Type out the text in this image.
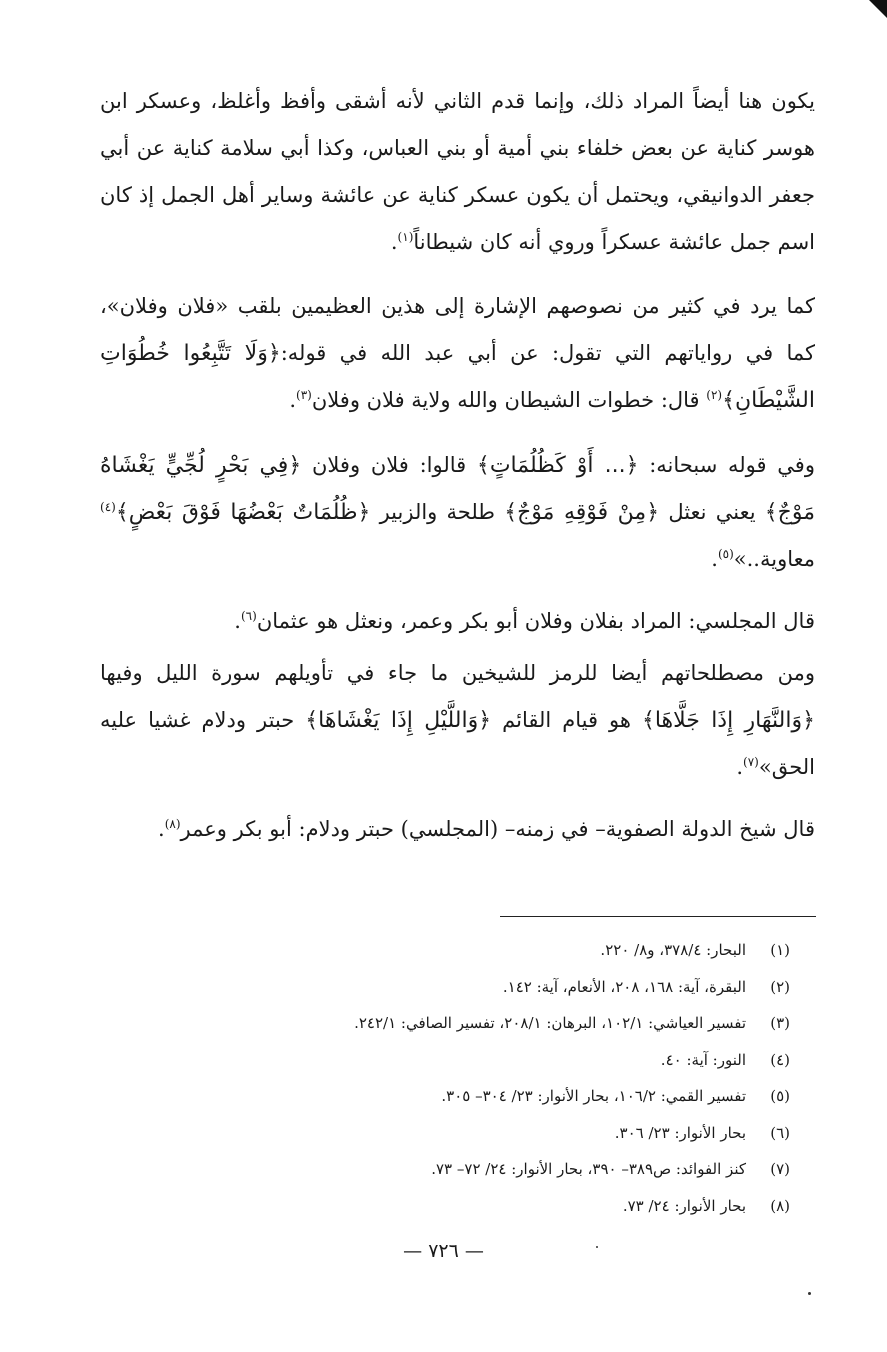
يكون هنا أيضاً المراد ذلك، وإنما قدم الثاني لأنه أشقى وأفظ وأغلظ، وعسكر ابن هوسر كناية عن بعض خلفاء بني أمية أو بني العباس، وكذا أبي سلامة كناية عن أبي جعفر الدوانيقي، ويحتمل أن يكون عسكر كناية عن عائشة وساير أهل الجمل إذ كان اسم جمل عائشة عسكراً وروي أنه كان شيطاناً$^{(١)}$.
كما يرد في كثير من نصوصهم الإشارة إلى هذين العظيمين بلقب «فلان وفلان»، كما في رواياتهم التي تقول: عن أبي عبد الله في قوله:﴿وَلَا تَتَّبِعُوا خُطُوَاتِ الشَّيْطَانِ﴾$^{(٢)}$ قال: خطوات الشيطان والله ولاية فلان وفلان$^{(٣)}$.
وفي قوله سبحانه: ﴿... أَوْ كَظُلُمَاتٍ﴾ قالوا: فلان وفلان ﴿فِي بَحْرٍ لُجِّيٍّ يَغْشَاهُ مَوْجٌ﴾ يعني نعثل ﴿مِنْ فَوْقِهِ مَوْجٌ﴾ طلحة والزبير ﴿ظُلُمَاتٌ بَعْضُهَا فَوْقَ بَعْضٍ﴾$^{(٤)}$ معاوية..»$^{(٥)}$.
قال المجلسي: المراد بفلان وفلان أبو بكر وعمر، ونعثل هو عثمان$^{(٦)}$.
ومن مصطلحاتهم أيضا للرمز للشيخين ما جاء في تأويلهم سورة الليل وفيها ﴿وَالنَّهَارِ إِذَا جَلَّاهَا﴾ هو قيام القائم ﴿وَاللَّيْلِ إِذَا يَغْشَاهَا﴾ حبتر ودلام غشيا عليه الحق»$^{(٧)}$.
قال شيخ الدولة الصفوية– في زمنه– (المجلسي) حبتر ودلام: أبو بكر وعمر$^{(٨)}$.
(١)
البحار: ٣٧٨/٤، و٨/ ٢٢٠.
(٢)
البقرة، آية: ١٦٨، ٢٠٨، الأنعام، آية: ١٤٢.
(٣)
تفسير العياشي: ١٠٢/١، البرهان: ٢٠٨/١، تفسير الصافي: ٢٤٢/١.
(٤)
النور: آية: ٤٠.
(٥)
تفسير القمي: ١٠٦/٢، بحار الأنوار: ٢٣/ ٣٠٤– ٣٠٥.
(٦)
بحار الأنوار: ٢٣/ ٣٠٦.
(٧)
كنز الفوائد: ص٣٨٩– ٣٩٠، بحار الأنوار: ٢٤/ ٧٢– ٧٣.
(٨)
بحار الأنوار: ٢٤/ ٧٣.
— ٧٢٦ —
